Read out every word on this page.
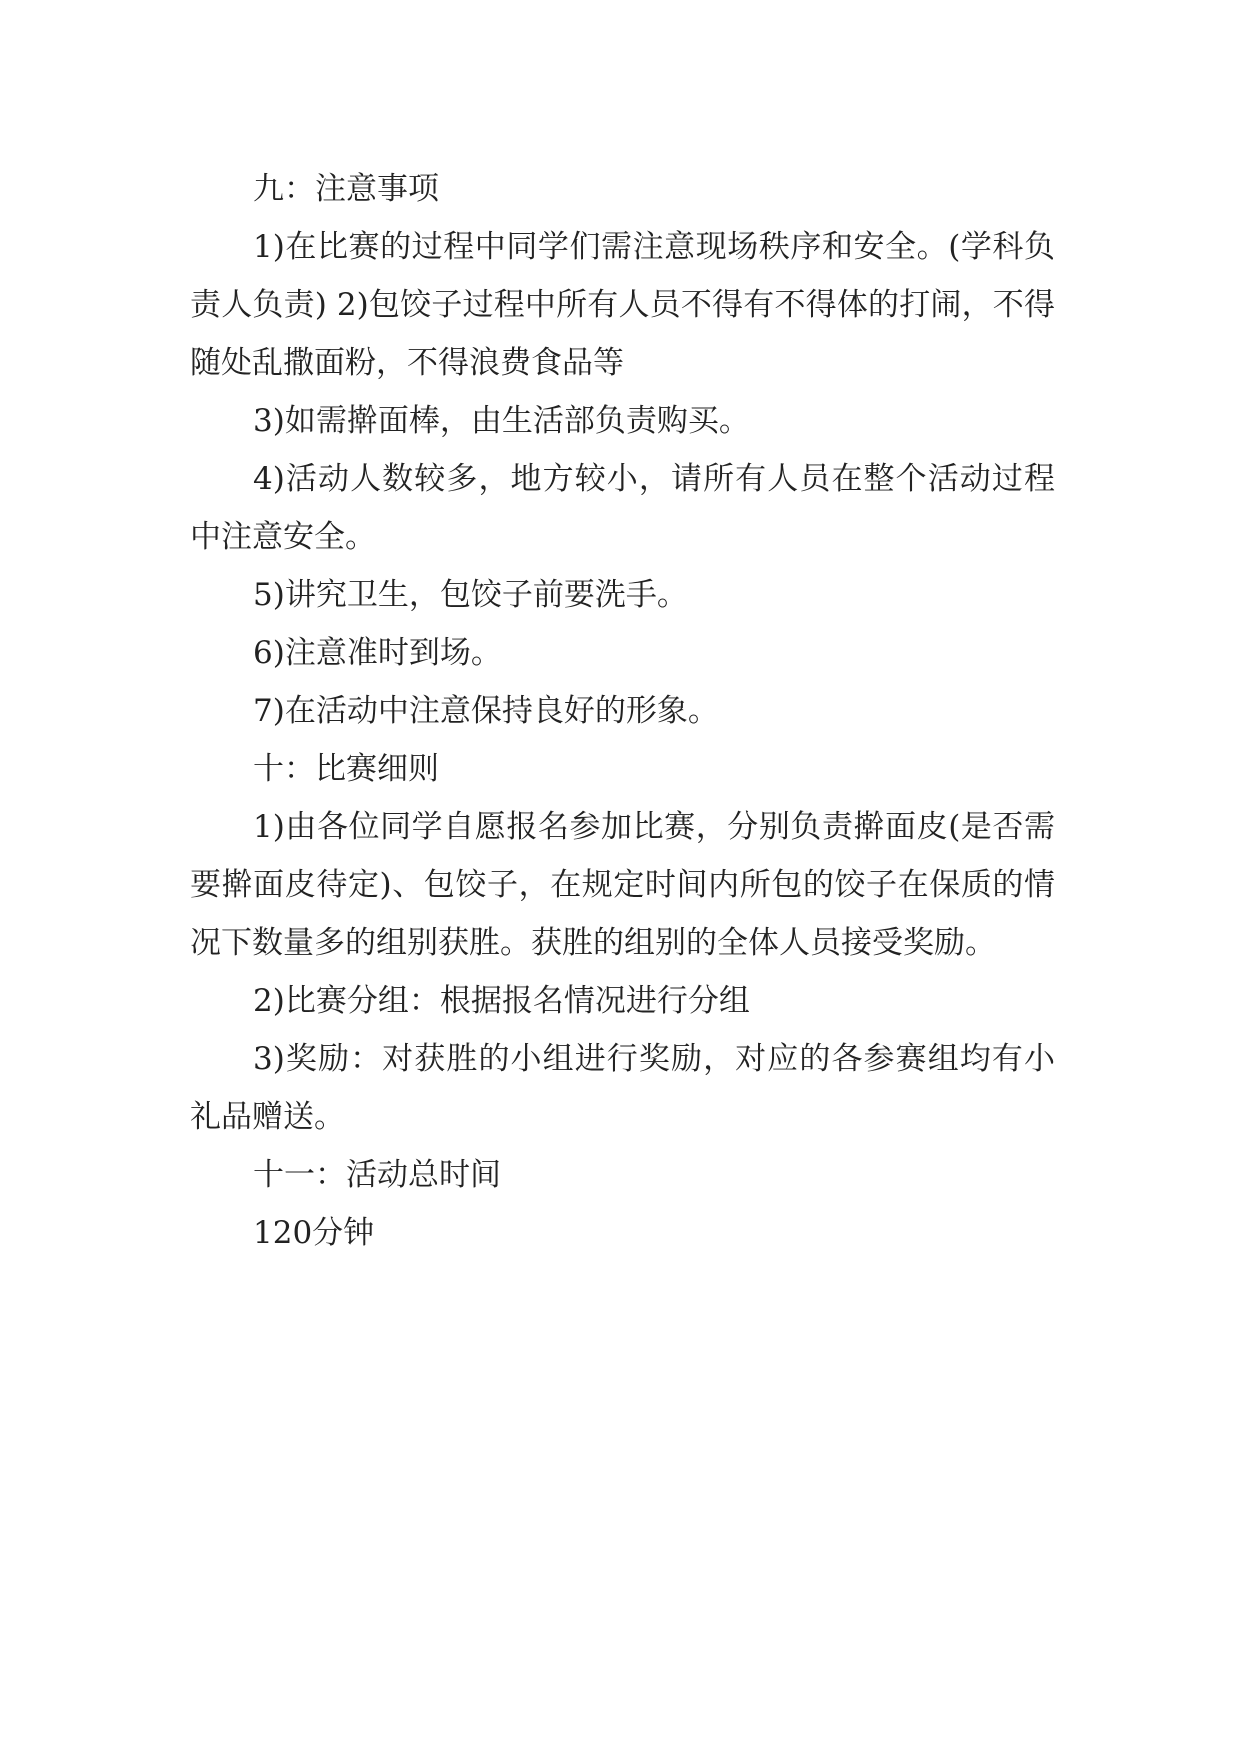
九：注意事项

1)在比赛的过程中同学们需注意现场秩序和安全。(学科负责人负责) 2)包饺子过程中所有人员不得有不得体的打闹，不得随处乱撒面粉，不得浪费食品等

3)如需擀面棒，由生活部负责购买。

4)活动人数较多，地方较小，请所有人员在整个活动过程中注意安全。

5)讲究卫生，包饺子前要洗手。

6)注意准时到场。

7)在活动中注意保持良好的形象。

十：比赛细则

1)由各位同学自愿报名参加比赛，分别负责擀面皮(是否需要擀面皮待定)、包饺子，在规定时间内所包的饺子在保质的情况下数量多的组别获胜。获胜的组别的全体人员接受奖励。

2)比赛分组：根据报名情况进行分组

3)奖励：对获胜的小组进行奖励，对应的各参赛组均有小礼品赠送。

十一：活动总时间

120分钟
